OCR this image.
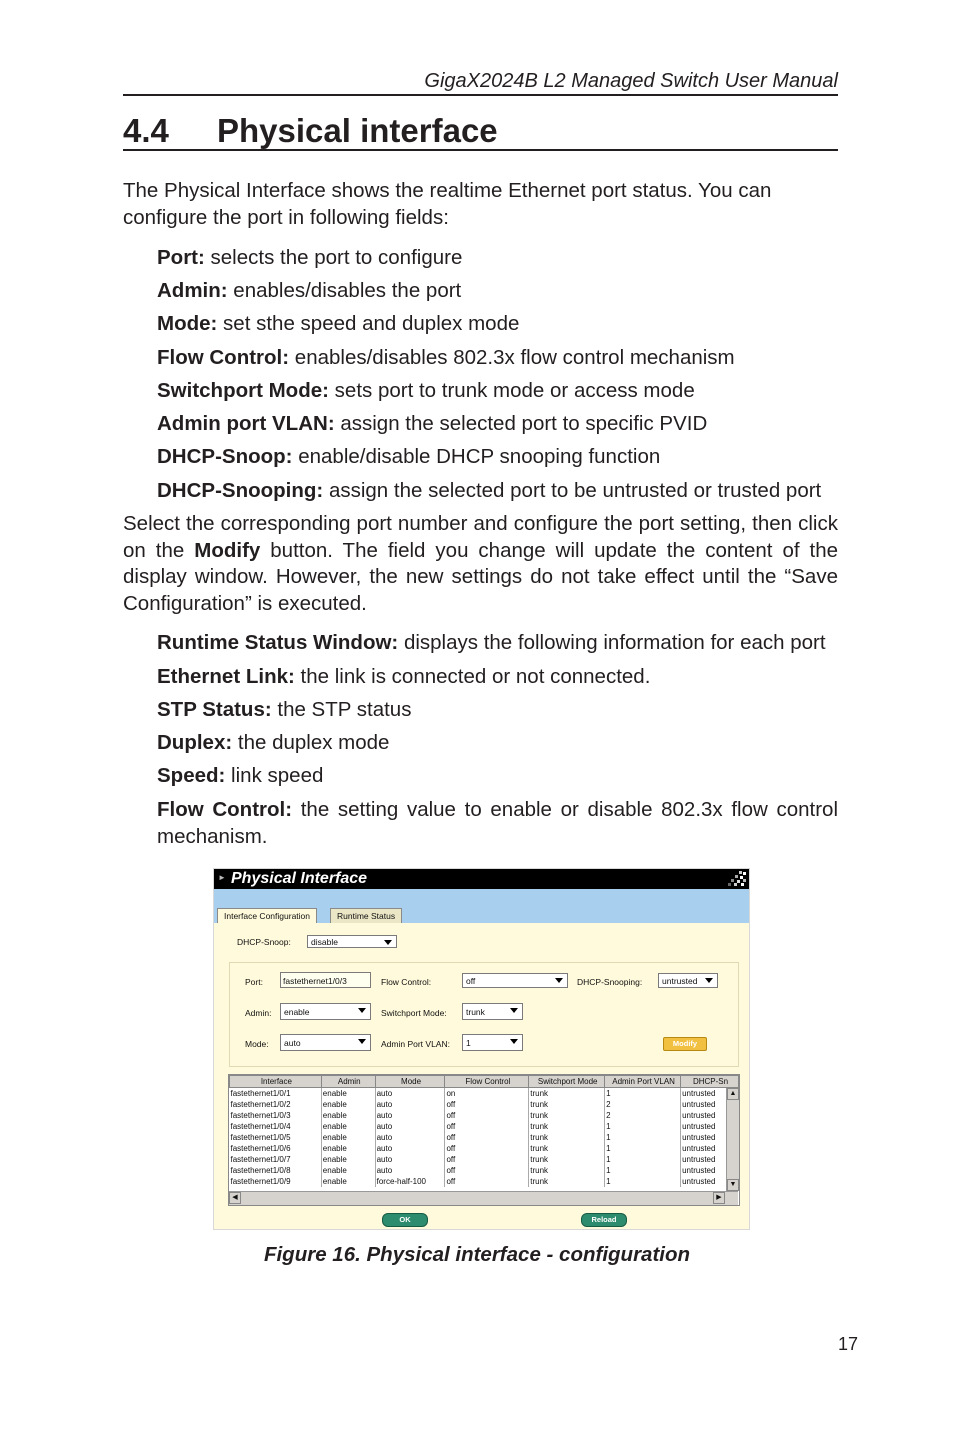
GigaX2024B L2 Managed Switch User Manual
4.4 Physical interface
The Physical Interface shows the realtime Ethernet port status. You can configure the port in following fields:
Port: selects the port to configure
Admin: enables/disables the port
Mode: set sthe speed and duplex mode
Flow Control: enables/disables 802.3x flow control mechanism
Switchport Mode: sets port to trunk mode or access mode
Admin port VLAN: assign the selected port to specific PVID
DHCP-Snoop: enable/disable DHCP snooping function
DHCP-Snooping: assign the selected port to be untrusted or trusted port
Select the corresponding port number and configure the port setting, then click on the Modify button. The field you change will update the content of the display window. However, the new settings do not take effect until the “Save Configuration” is executed.
Runtime Status Window: displays the following information for each port
Ethernet Link: the link is connected or not connected.
STP Status: the STP status
Duplex: the duplex mode
Speed: link speed
Flow Control: the setting value to enable or disable 802.3x flow control mechanism.
► Physical Interface
Interface Configuration	Runtime Status
DHCP-Snoop:	disable
Port:	fastethernet1/0/3	Flow Control:	off	DHCP-Snooping:	untrusted
Admin:	enable	Switchport Mode:	trunk
Mode:	auto	Admin Port VLAN:	1	Modify
Interface	Admin	Mode	Flow Control	Switchport Mode	Admin Port VLAN	DHCP-Sn
fastethernet1/0/1	enable	auto	on	trunk	1	untrusted
fastethernet1/0/2	enable	auto	off	trunk	2	untrusted
fastethernet1/0/3	enable	auto	off	trunk	2	untrusted
fastethernet1/0/4	enable	auto	off	trunk	1	untrusted
fastethernet1/0/5	enable	auto	off	trunk	1	untrusted
fastethernet1/0/6	enable	auto	off	trunk	1	untrusted
fastethernet1/0/7	enable	auto	off	trunk	1	untrusted
fastethernet1/0/8	enable	auto	off	trunk	1	untrusted
fastethernet1/0/9	enable	force-half-100	off	trunk	1	untrusted
▲
▼
◀	▶
OK	Reload
Figure 16. Physical interface - configuration
17
